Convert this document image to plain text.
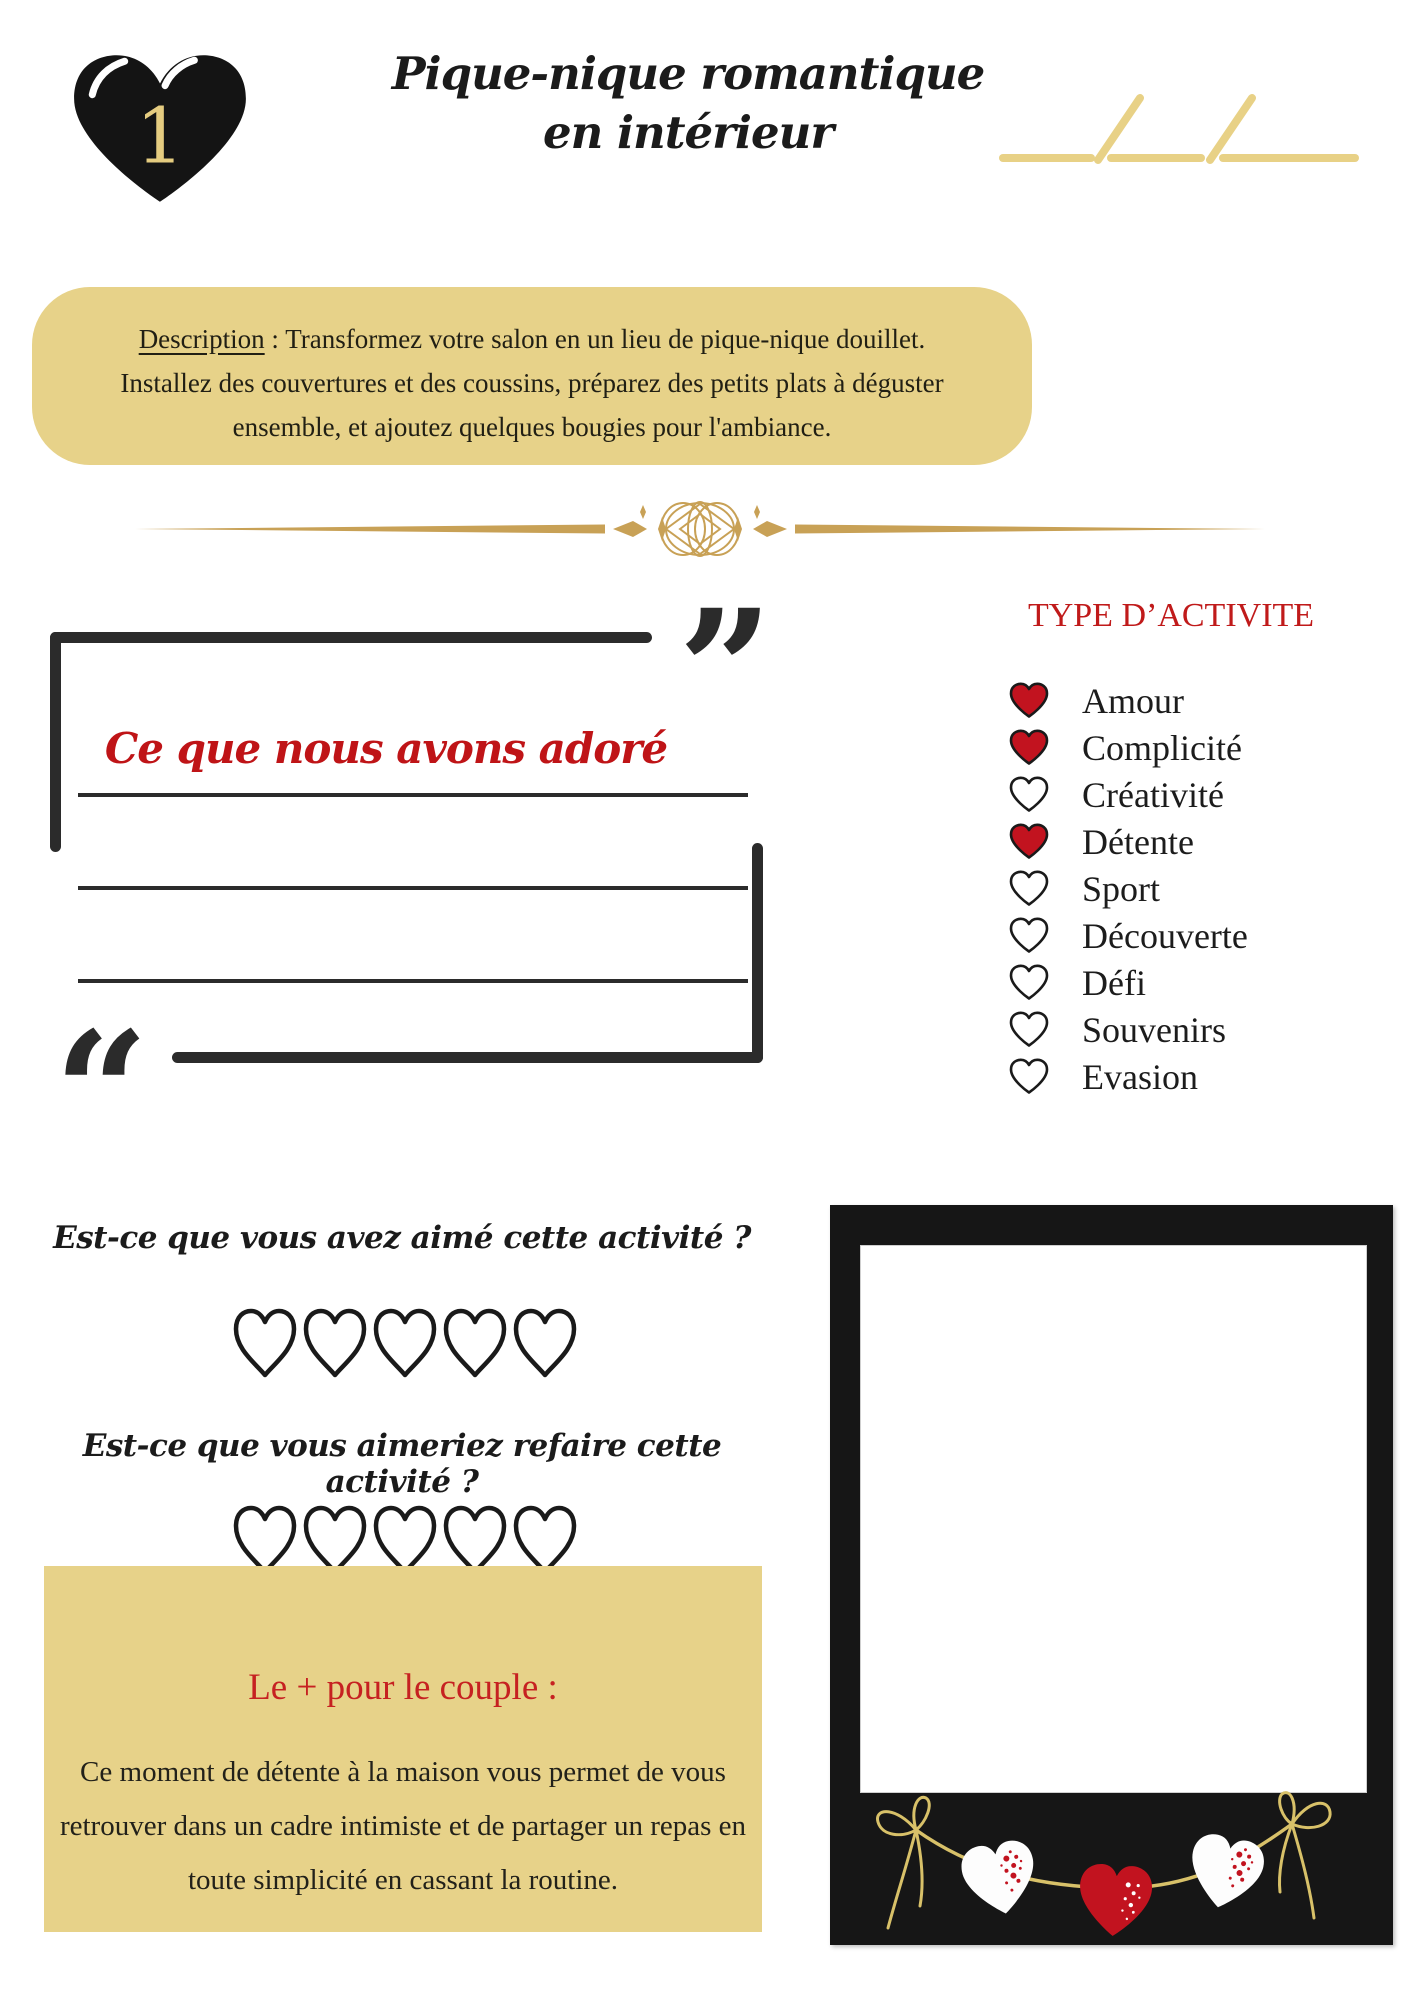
1
Pique-nique romantique
en intérieur
Description : Transformez votre salon en un lieu de pique-nique douillet. Installez des couvertures et des coussins, préparez des petits plats à déguster ensemble, et ajoutez quelques bougies pour l'ambiance.
”
“
Ce que nous avons adoré
TYPE D’ACTIVITE
Amour
Complicité
Créativité
Détente
Sport
Découverte
Défi
Souvenirs
Evasion
Est-ce que vous avez aimé cette activité ?
Est-ce que vous aimeriez refaire cette activité ?
Le + pour le couple :
Ce moment de détente à la maison vous permet de vous retrouver dans un cadre intimiste et de partager un repas en toute simplicité en cassant la routine.
